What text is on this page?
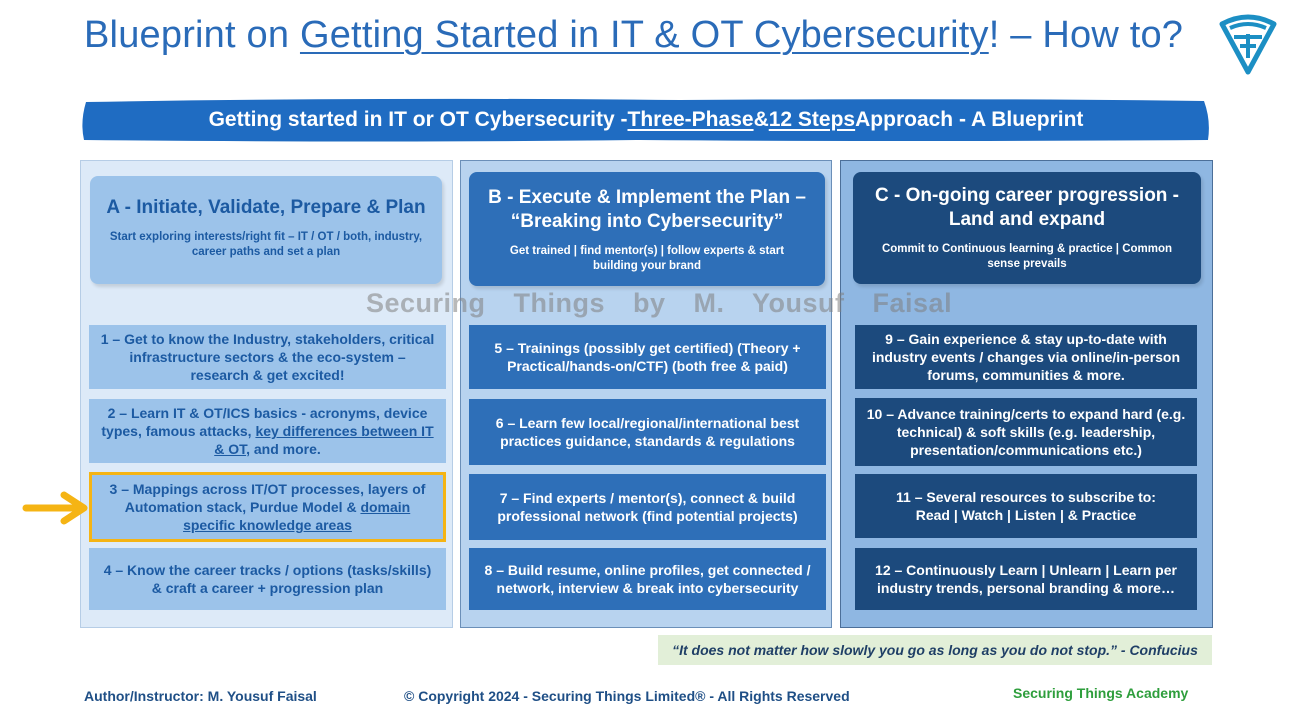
Blueprint on Getting Started in IT & OT Cybersecurity! – How to?
Getting started in IT or OT Cybersecurity - Three-Phase & 12 Steps Approach - A Blueprint
A - Initiate, Validate, Prepare & Plan
Start exploring interests/right fit – IT / OT / both, industry, career paths and set a plan
B - Execute & Implement the Plan –
“Breaking into Cybersecurity”
Get trained | find mentor(s) | follow experts & start building your brand
C - On-going career progression -
Land and expand
Commit to Continuous learning & practice | Common sense prevails
Securing Things by M. Yousuf Faisal
1 – Get to know the Industry, stakeholders, critical infrastructure sectors & the eco-system – research & get excited!
2 – Learn IT & OT/ICS basics - acronyms, device types, famous attacks, key differences between IT & OT, and more.
3 – Mappings across IT/OT processes, layers of Automation stack, Purdue Model & domain specific knowledge areas
4 – Know the career tracks / options (tasks/skills) & craft a career + progression plan
5 – Trainings (possibly get certified) (Theory + Practical/hands-on/CTF) (both free & paid)
6 – Learn few local/regional/international best practices guidance, standards & regulations
7 – Find experts / mentor(s), connect & build professional network (find potential projects)
8 – Build resume, online profiles, get connected / network, interview & break into cybersecurity
9 – Gain experience & stay up-to-date with industry events / changes via online/in-person forums, communities & more.
10 – Advance training/certs to expand hard (e.g. technical) & soft skills (e.g. leadership, presentation/communications etc.)
11 – Several resources to subscribe to:
Read | Watch | Listen | & Practice
12 – Continuously Learn | Unlearn | Learn per industry trends, personal branding & more…
“It does not matter how slowly you go as long as you do not stop.” - Confucius
Author/Instructor: M. Yousuf Faisal	© Copyright 2024 - Securing Things Limited® - All Rights Reserved	Securing Things Academy
